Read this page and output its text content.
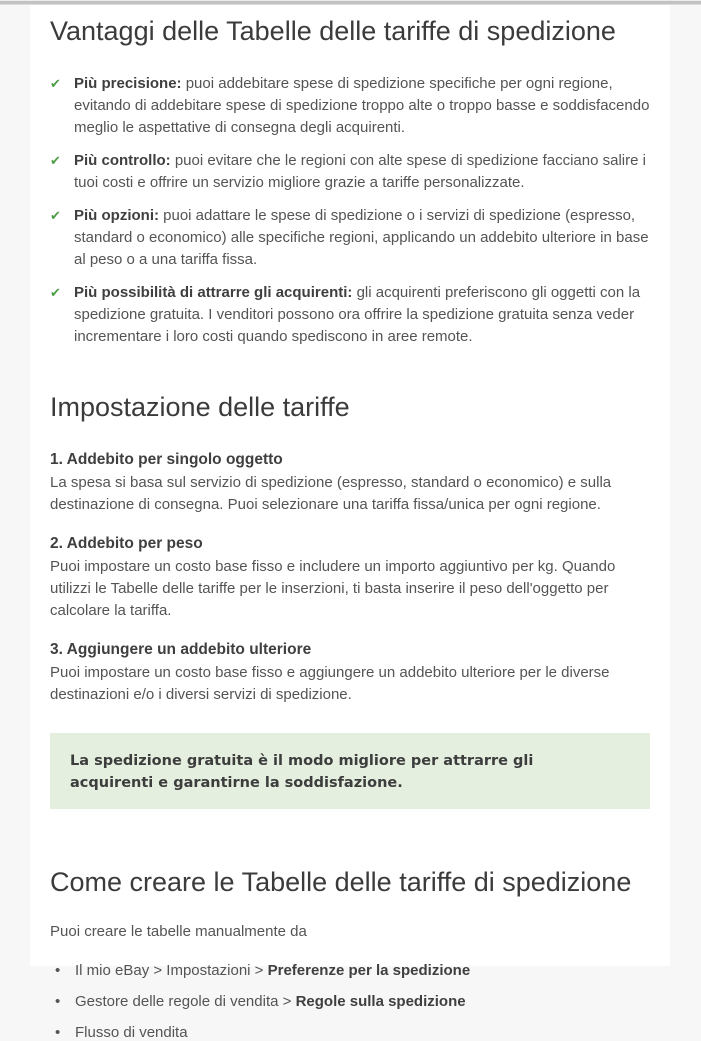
Vantaggi delle Tabelle delle tariffe di spedizione
✔ Più precisione: puoi addebitare spese di spedizione specifiche per ogni regione, evitando di addebitare spese di spedizione troppo alte o troppo basse e soddisfacendo meglio le aspettative di consegna degli acquirenti.

✔ Più controllo: puoi evitare che le regioni con alte spese di spedizione facciano salire i tuoi costi e offrire un servizio migliore grazie a tariffe personalizzate.

✔ Più opzioni: puoi adattare le spese di spedizione o i servizi di spedizione (espresso, standard o economico) alle specifiche regioni, applicando un addebito ulteriore in base al peso o a una tariffa fissa.

✔ Più possibilità di attrarre gli acquirenti: gli acquirenti preferiscono gli oggetti con la spedizione gratuita. I venditori possono ora offrire la spedizione gratuita senza veder incrementare i loro costi quando spediscono in aree remote.

Impostazione delle tariffe
1. Addebito per singolo oggetto

La spesa si basa sul servizio di spedizione (espresso, standard o economico) e sulla destinazione di consegna. Puoi selezionare una tariffa fissa/unica per ogni regione.

2. Addebito per peso

Puoi impostare un costo base fisso e includere un importo aggiuntivo per kg. Quando utilizzi le Tabelle delle tariffe per le inserzioni, ti basta inserire il peso dell'oggetto per calcolare la tariffa.

3. Aggiungere un addebito ulteriore

Puoi impostare un costo base fisso e aggiungere un addebito ulteriore per le diverse destinazioni e/o i diversi servizi di spedizione.

La spedizione gratuita è il modo migliore per attrarre gli acquirenti e garantirne la soddisfazione.

Come creare le Tabelle delle tariffe di spedizione

Puoi creare le tabelle manualmente da

• Il mio eBay > Impostazioni > Preferenze per la spedizione

• Gestore delle regole di vendita > Regole sulla spedizione

• Flusso di vendita
